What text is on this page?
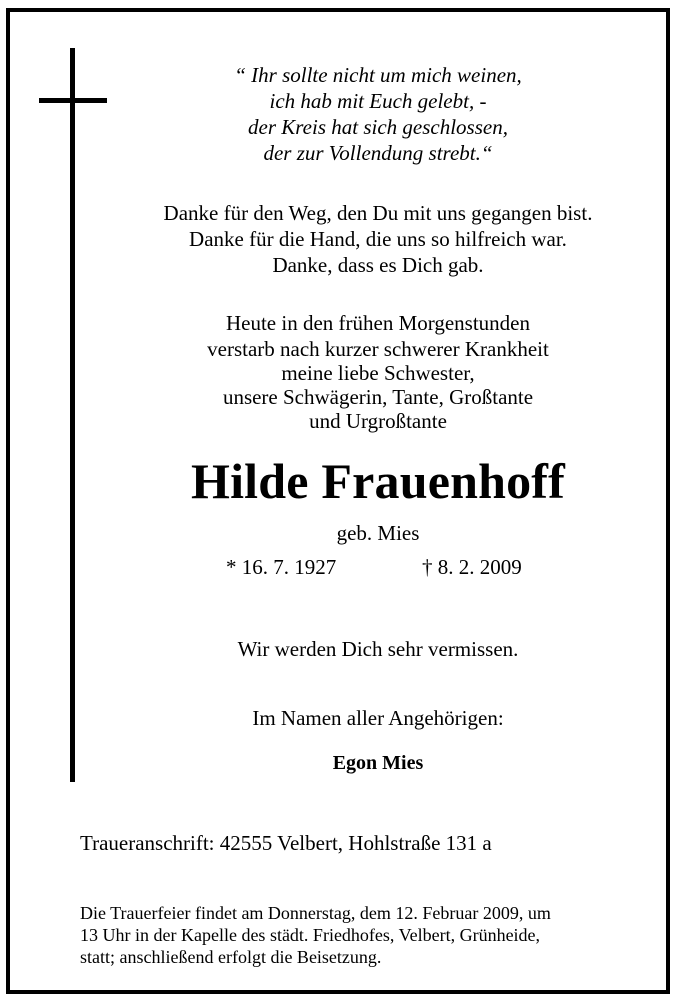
“ Ihr sollte nicht um mich weinen,
ich hab mit Euch gelebt, -
der Kreis hat sich geschlossen,
der zur Vollendung strebt.“
Danke für den Weg, den Du mit uns gegangen bist.
Danke für die Hand, die uns so hilfreich war.
Danke, dass es Dich gab.
Heute in den frühen Morgenstunden
verstarb nach kurzer schwerer Krankheit
meine liebe Schwester,
unsere Schwägerin, Tante, Großtante
und Urgroßtante
Hilde Frauenhoff
geb. Mies
* 16. 7. 1927	† 8. 2. 2009
Wir werden Dich sehr vermissen.
Im Namen aller Angehörigen:
Egon Mies
Traueranschrift: 42555 Velbert, Hohlstraße 131 a
Die Trauerfeier findet am Donnerstag, dem 12. Februar 2009, um
13 Uhr in der Kapelle des städt. Friedhofes, Velbert, Grünheide,
statt; anschließend erfolgt die Beisetzung.
